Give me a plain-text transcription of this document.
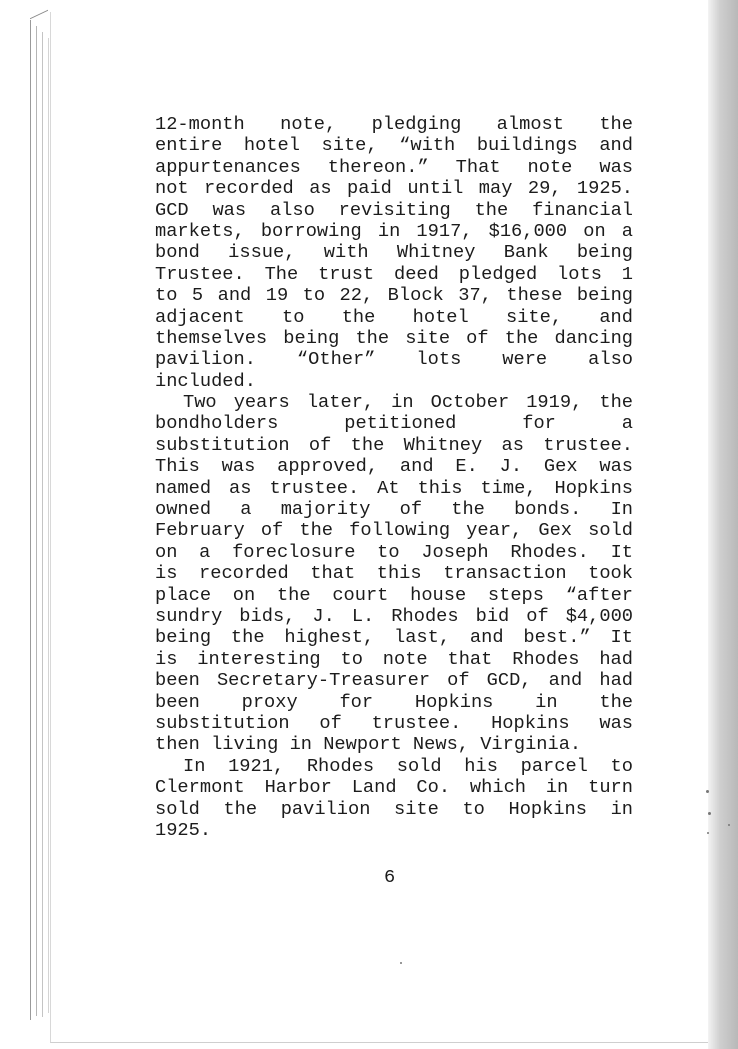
12-month note, pledging almost the
entire hotel site, “with buildings and
appurtenances thereon.” That note was
not recorded as paid until may 29, 1925.
GCD was also revisiting the financial
markets, borrowing in 1917, $16,000 on a
bond issue, with Whitney Bank being
Trustee. The trust deed pledged lots 1
to 5 and 19 to 22, Block 37, these being
adjacent to the hotel site, and
themselves being the site of the dancing
pavilion. “Other” lots were also
included.
Two years later, in October 1919, the
bondholders petitioned for a
substitution of the Whitney as trustee.
This was approved, and E. J. Gex was
named as trustee. At this time, Hopkins
owned a majority of the bonds. In
February of the following year, Gex sold
on a foreclosure to Joseph Rhodes. It
is recorded that this transaction took
place on the court house steps “after
sundry bids, J. L. Rhodes bid of $4,000
being the highest, last, and best.” It
is interesting to note that Rhodes had
been Secretary-Treasurer of GCD, and had
been proxy for Hopkins in the
substitution of trustee. Hopkins was
then living in Newport News, Virginia.
In 1921, Rhodes sold his parcel to
Clermont Harbor Land Co. which in turn
sold the pavilion site to Hopkins in
1925.
6
